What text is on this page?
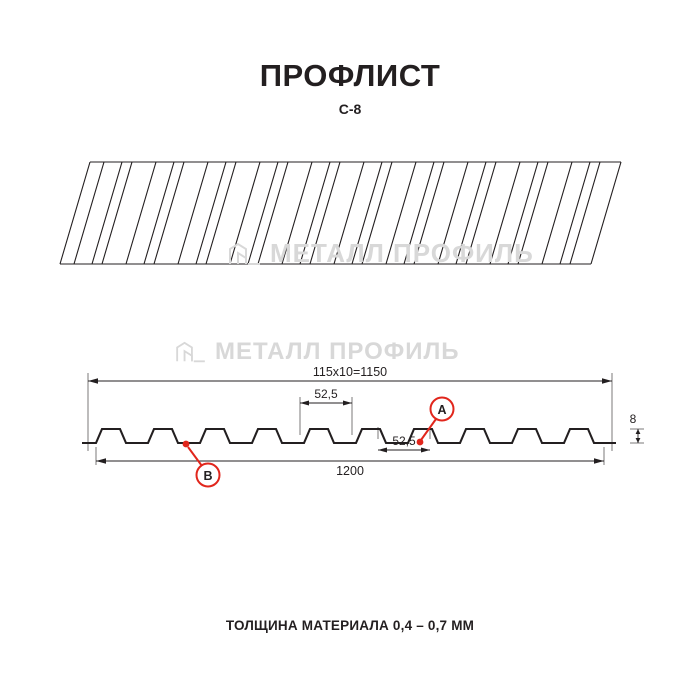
ПРОФЛИСТ
C-8
МЕТАЛЛ ПРОФИЛЬ
115х10=1150
52,5
52,5
1200
8
A
B
МЕТАЛЛ ПРОФИЛЬ
ТОЛЩИНА МАТЕРИАЛА 0,4 – 0,7 ММ
